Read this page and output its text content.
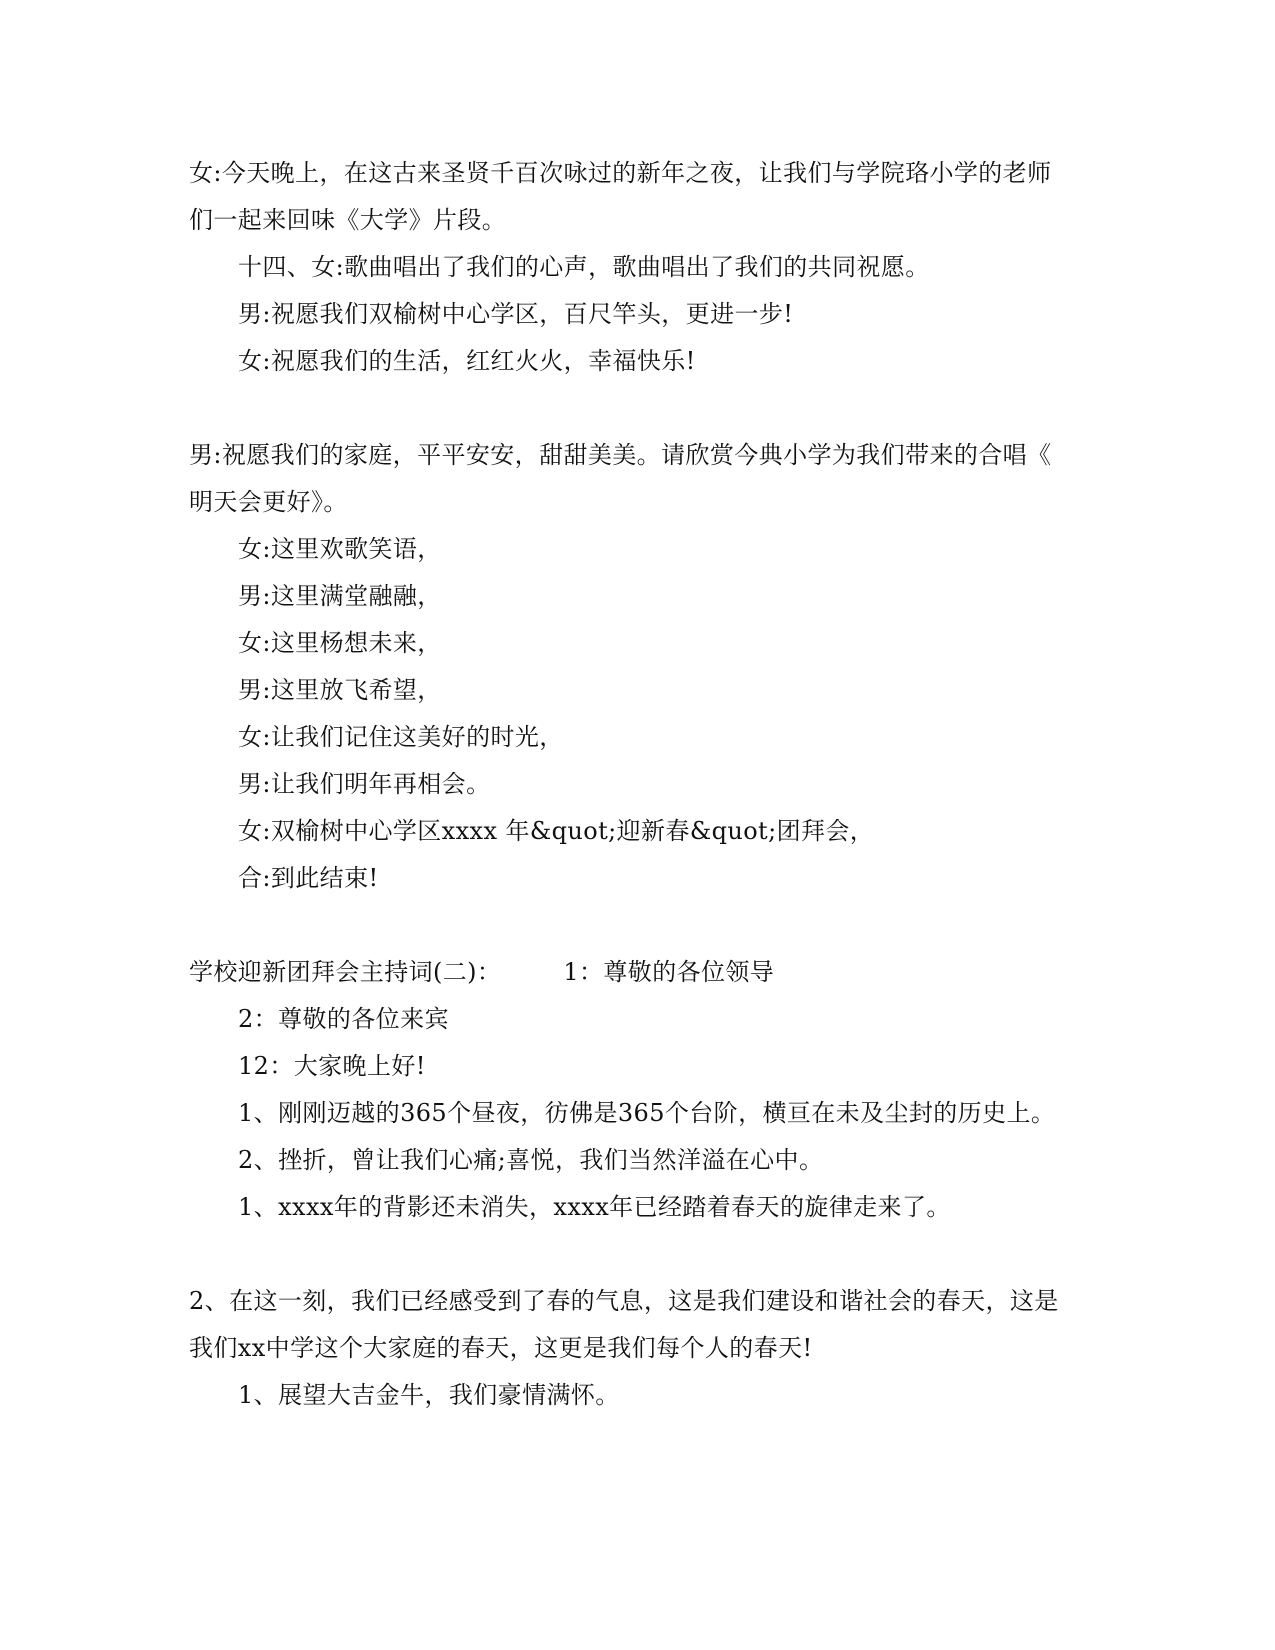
女:今天晚上，在这古来圣贤千百次咏过的新年之夜，让我们与学院珞小学的老师
们一起来回味《大学》片段。
十四、女:歌曲唱出了我们的心声，歌曲唱出了我们的共同祝愿。
男:祝愿我们双榆树中心学区，百尺竿头，更进一步!
女:祝愿我们的生活，红红火火，幸福快乐!
男:祝愿我们的家庭，平平安安，甜甜美美。请欣赏今典小学为我们带来的合唱《
明天会更好》。
女:这里欢歌笑语，
男:这里满堂融融，
女:这里杨想未来，
男:这里放飞希望，
女:让我们记住这美好的时光，
男:让我们明年再相会。
女:双榆树中心学区xxxx 年&quot;迎新春&quot;团拜会，
合:到此结束!
学校迎新团拜会主持词(二)：	1：尊敬的各位领导
2：尊敬的各位来宾
12：大家晚上好!
1、刚刚迈越的365个昼夜，彷佛是365个台阶，横亘在未及尘封的历史上。
2、挫折，曾让我们心痛;喜悦，我们当然洋溢在心中。
1、xxxx年的背影还未消失，xxxx年已经踏着春天的旋律走来了。
2、在这一刻，我们已经感受到了春的气息，这是我们建设和谐社会的春天，这是
我们xx中学这个大家庭的春天，这更是我们每个人的春天!
1、展望大吉金牛，我们豪情满怀。
